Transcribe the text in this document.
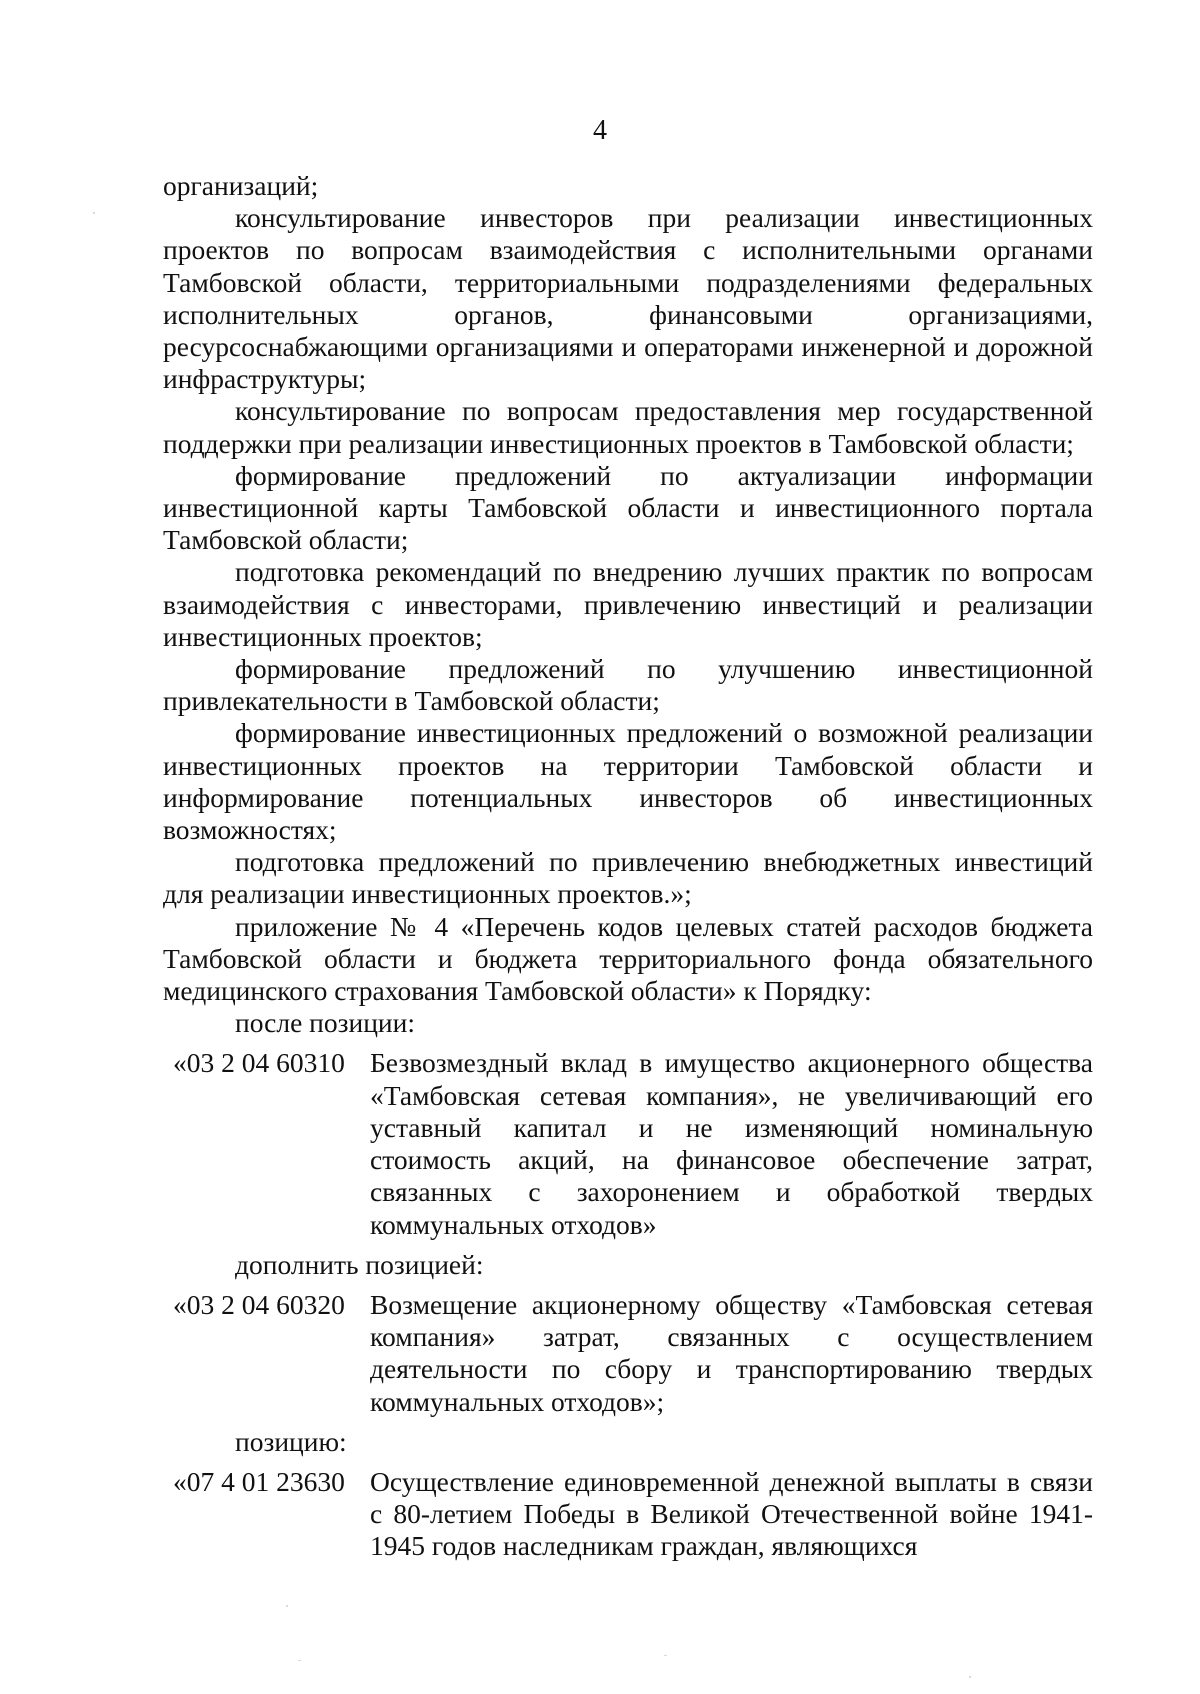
4

организаций;

консультирование инвесторов при реализации инвестиционных проектов по вопросам взаимодействия с исполнительными органами Тамбовской области, территориальными подразделениями федеральных исполнительных органов, финансовыми организациями, ресурсоснабжающими организациями и операторами инженерной и дорожной инфраструктуры;

консультирование по вопросам предоставления мер государственной поддержки при реализации инвестиционных проектов в Тамбовской области;

формирование предложений по актуализации информации инвестиционной карты Тамбовской области и инвестиционного портала Тамбовской области;

подготовка рекомендаций по внедрению лучших практик по вопросам взаимодействия с инвесторами, привлечению инвестиций и реализации инвестиционных проектов;

формирование предложений по улучшению инвестиционной привлекательности в Тамбовской области;

формирование инвестиционных предложений о возможной реализации инвестиционных проектов на территории Тамбовской области и информирование потенциальных инвесторов об инвестиционных возможностях;

подготовка предложений по привлечению внебюджетных инвестиций для реализации инвестиционных проектов.»;

приложение № 4 «Перечень кодов целевых статей расходов бюджета Тамбовской области и бюджета территориального фонда обязательного медицинского страхования Тамбовской области» к Порядку:

после позиции:

«03 2 04 60310 Безвозмездный вклад в имущество акционерного общества «Тамбовская сетевая компания», не увеличивающий его уставный капитал и не изменяющий номинальную стоимость акций, на финансовое обеспечение затрат, связанных с захоронением и обработкой твердых коммунальных отходов»

дополнить позицией:

«03 2 04 60320 Возмещение акционерному обществу «Тамбовская сетевая компания» затрат, связанных с осуществлением деятельности по сбору и транспортированию твердых коммунальных отходов»;

позицию:

«07 4 01 23630 Осуществление единовременной денежной выплаты в связи с 80-летием Победы в Великой Отечественной войне 1941-1945 годов наследникам граждан, являющихся
